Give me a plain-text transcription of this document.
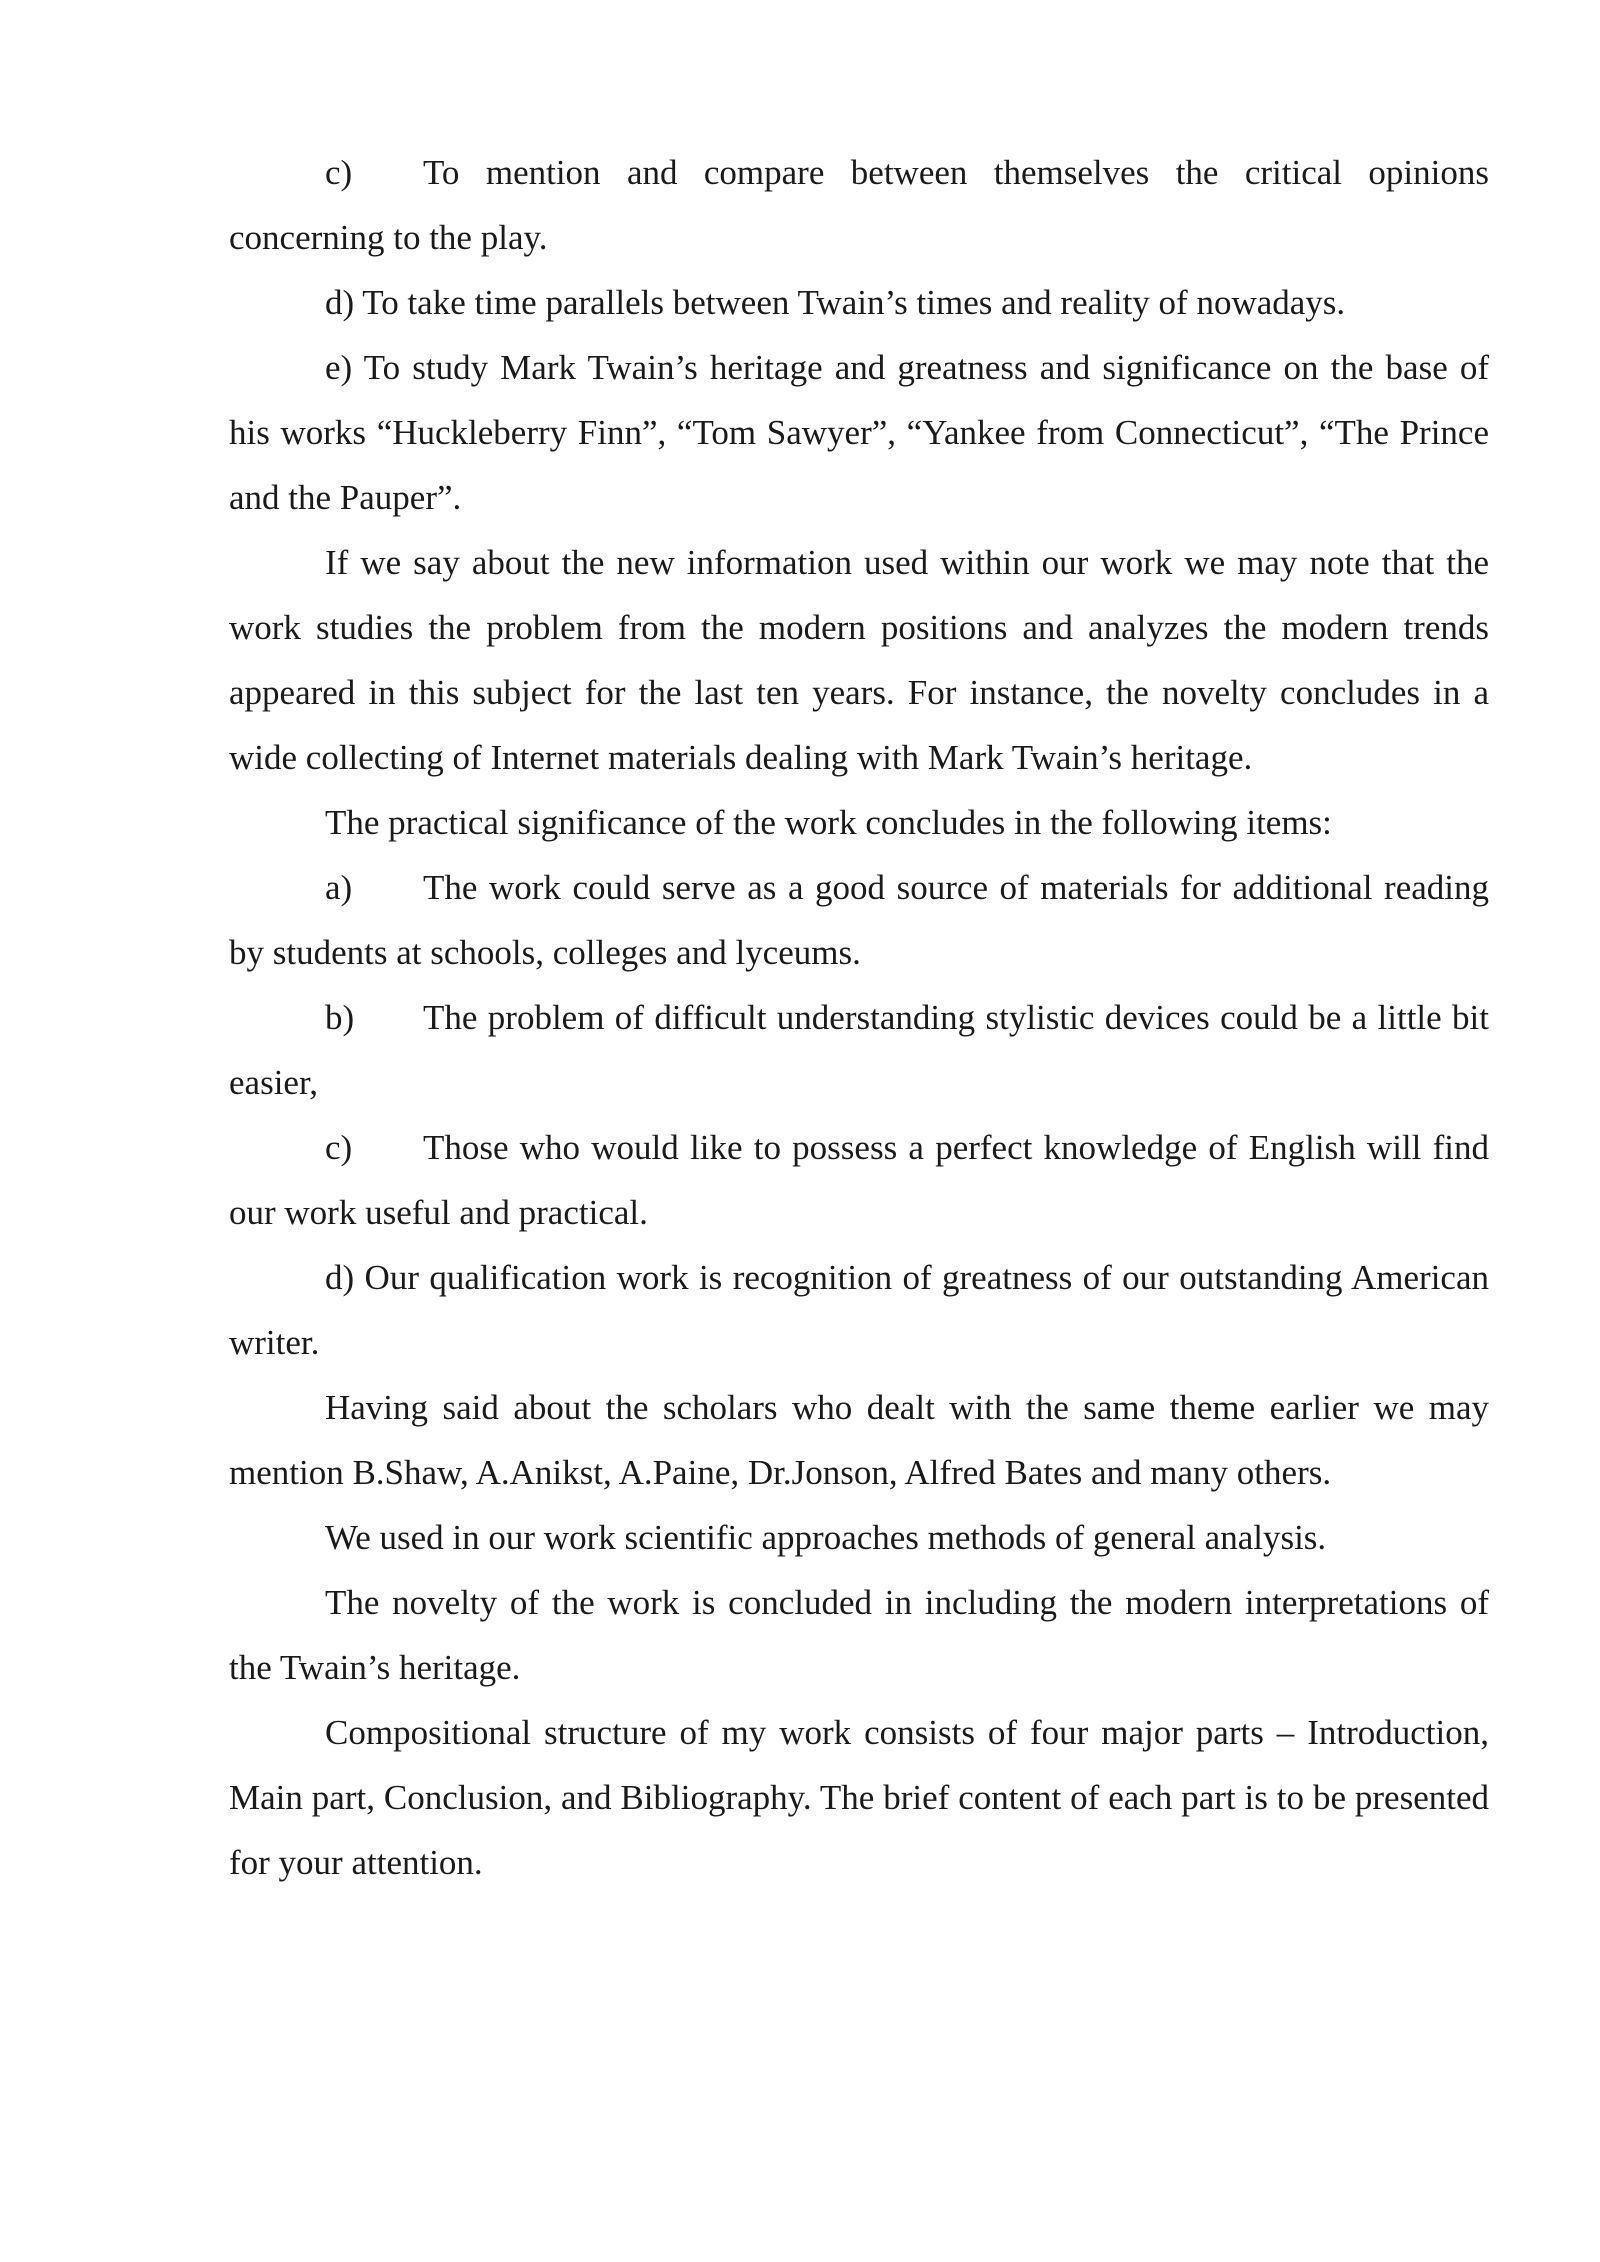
c) To mention and compare between themselves the critical opinions concerning to the play.

d) To take time parallels between Twain’s times and reality of nowadays.

e) To study Mark Twain’s heritage and greatness and significance on the base of his works “Huckleberry Finn”, “Tom Sawyer”, “Yankee from Connecticut”, “The Prince and the Pauper”.

If we say about the new information used within our work we may note that the work studies the problem from the modern positions and analyzes the modern trends appeared in this subject for the last ten years. For instance, the novelty concludes in a wide collecting of Internet materials dealing with Mark Twain’s heritage.

The practical significance of the work concludes in the following items:

a) The work could serve as a good source of materials for additional reading by students at schools, colleges and lyceums.

b) The problem of difficult understanding stylistic devices could be a little bit easier,

c) Those who would like to possess a perfect knowledge of English will find our work useful and practical.

d) Our qualification work is recognition of greatness of our outstanding American writer.

Having said about the scholars who dealt with the same theme earlier we may mention B.Shaw, A.Anikst, A.Paine, Dr.Jonson, Alfred Bates and many others.

We used in our work scientific approaches methods of general analysis.

The novelty of the work is concluded in including the modern interpretations of the Twain’s heritage.

Compositional structure of my work consists of four major parts – Introduction, Main part, Conclusion, and Bibliography. The brief content of each part is to be presented for your attention.
